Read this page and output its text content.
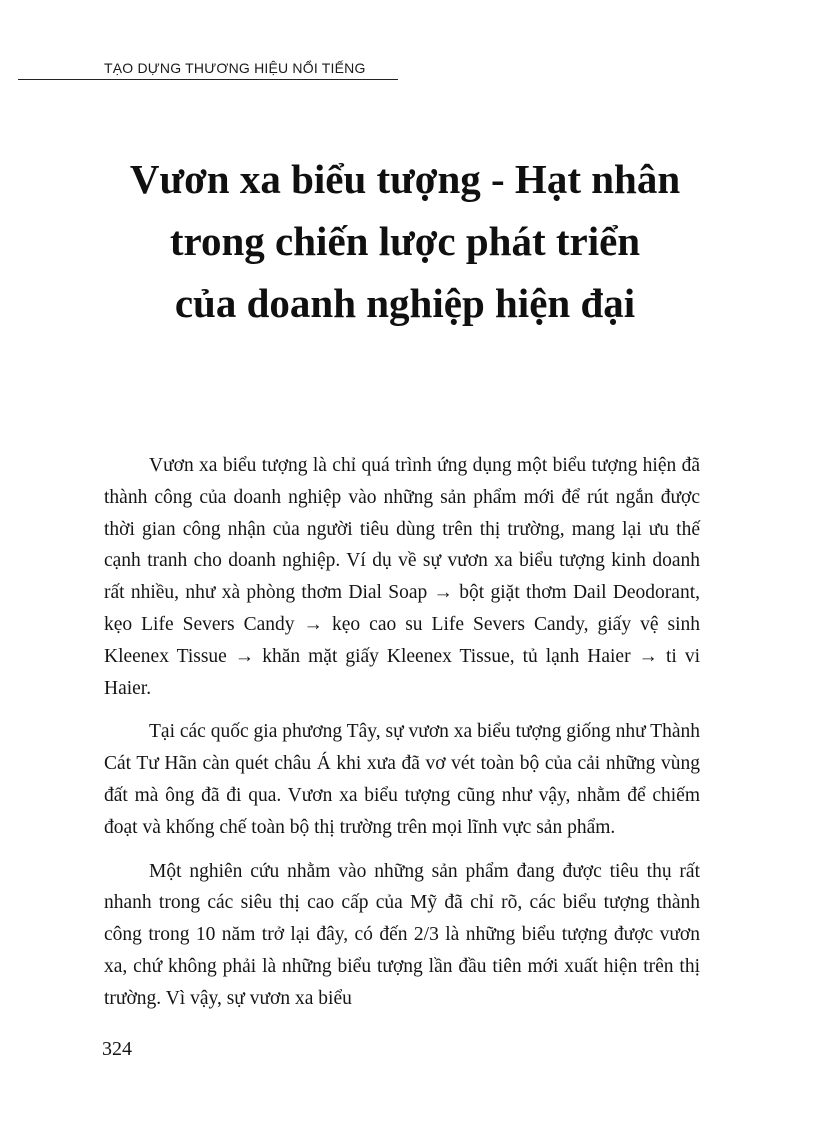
TẠO DỰNG THƯƠNG HIỆU NỔI TIẾNG
Vươn xa biểu tượng - Hạt nhân
trong chiến lược phát triển
của doanh nghiệp hiện đại

Vươn xa biểu tượng là chỉ quá trình ứng dụng một biểu tượng hiện đã thành công của doanh nghiệp vào những sản phẩm mới để rút ngắn được thời gian công nhận của người tiêu dùng trên thị trường, mang lại ưu thế cạnh tranh cho doanh nghiệp. Ví dụ về sự vươn xa biểu tượng kinh doanh rất nhiều, như xà phòng thơm Dial Soap → bột giặt thơm Dail Deodorant, kẹo Life Severs Candy → kẹo cao su Life Severs Candy, giấy vệ sinh Kleenex Tissue → khăn mặt giấy Kleenex Tissue, tủ lạnh Haier → ti vi Haier.

Tại các quốc gia phương Tây, sự vươn xa biểu tượng giống như Thành Cát Tư Hãn càn quét châu Á khi xưa đã vơ vét toàn bộ của cải những vùng đất mà ông đã đi qua. Vươn xa biểu tượng cũng như vậy, nhằm để chiếm đoạt và khống chế toàn bộ thị trường trên mọi lĩnh vực sản phẩm.

Một nghiên cứu nhằm vào những sản phẩm đang được tiêu thụ rất nhanh trong các siêu thị cao cấp của Mỹ đã chỉ rõ, các biểu tượng thành công trong 10 năm trở lại đây, có đến 2/3 là những biểu tượng được vươn xa, chứ không phải là những biểu tượng lần đầu tiên mới xuất hiện trên thị trường. Vì vậy, sự vươn xa biểu

324
